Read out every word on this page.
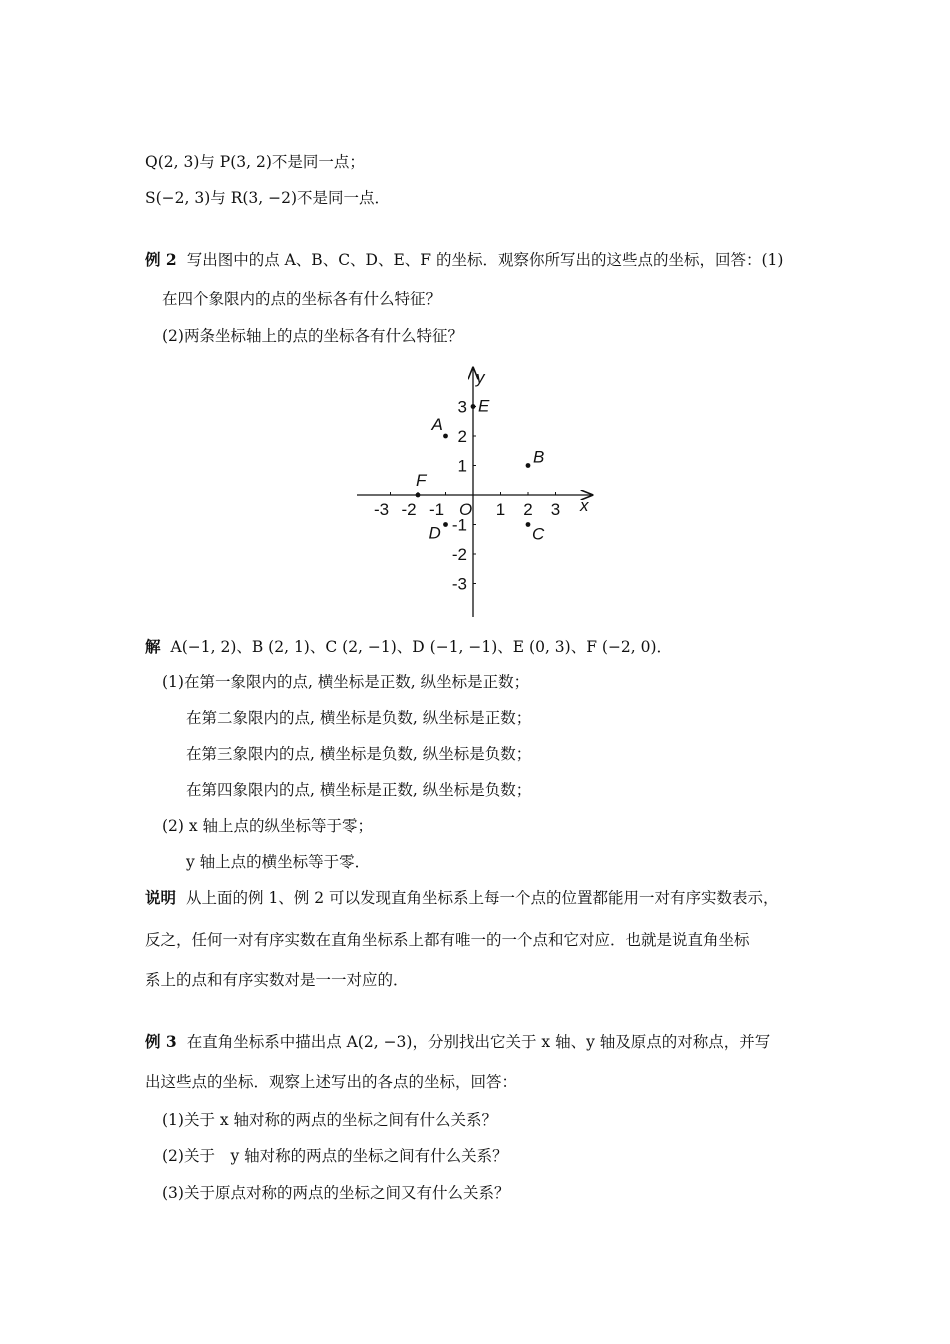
Q(2, 3)与 P(3, 2)不是同一点；
S(−2, 3)与 R(3, −2)不是同一点．
例 2 写出图中的点 A、B、C、D、E、F 的坐标．观察你所写出的这些点的坐标，回答：(1)
在四个象限内的点的坐标各有什么特征？
(2)两条坐标轴上的点的坐标各有什么特征？
x
y
O
-3 -2 -1	1 2 3
3
2
1
-1
-2
-3
A
B
C
D
E
F
解 A(−1, 2)、B (2, 1)、C (2, −1)、D (−1, −1)、E (0, 3)、F (−2, 0)．
(1)在第一象限内的点, 横坐标是正数, 纵坐标是正数；
在第二象限内的点, 横坐标是负数, 纵坐标是正数；
在第三象限内的点, 横坐标是负数, 纵坐标是负数；
在第四象限内的点, 横坐标是正数, 纵坐标是负数；
(2) x 轴上点的纵坐标等于零；
y 轴上点的横坐标等于零．
说明 从上面的例 1、例 2 可以发现直角坐标系上每一个点的位置都能用一对有序实数表示，
反之，任何一对有序实数在直角坐标系上都有唯一的一个点和它对应．也就是说直角坐标
系上的点和有序实数对是一一对应的．
例 3 在直角坐标系中描出点 A(2, −3)，分别找出它关于 x 轴、y 轴及原点的对称点，并写
出这些点的坐标．观察上述写出的各点的坐标，回答：
(1)关于 x 轴对称的两点的坐标之间有什么关系？
(2)关于　y 轴对称的两点的坐标之间有什么关系？
(3)关于原点对称的两点的坐标之间又有什么关系？
